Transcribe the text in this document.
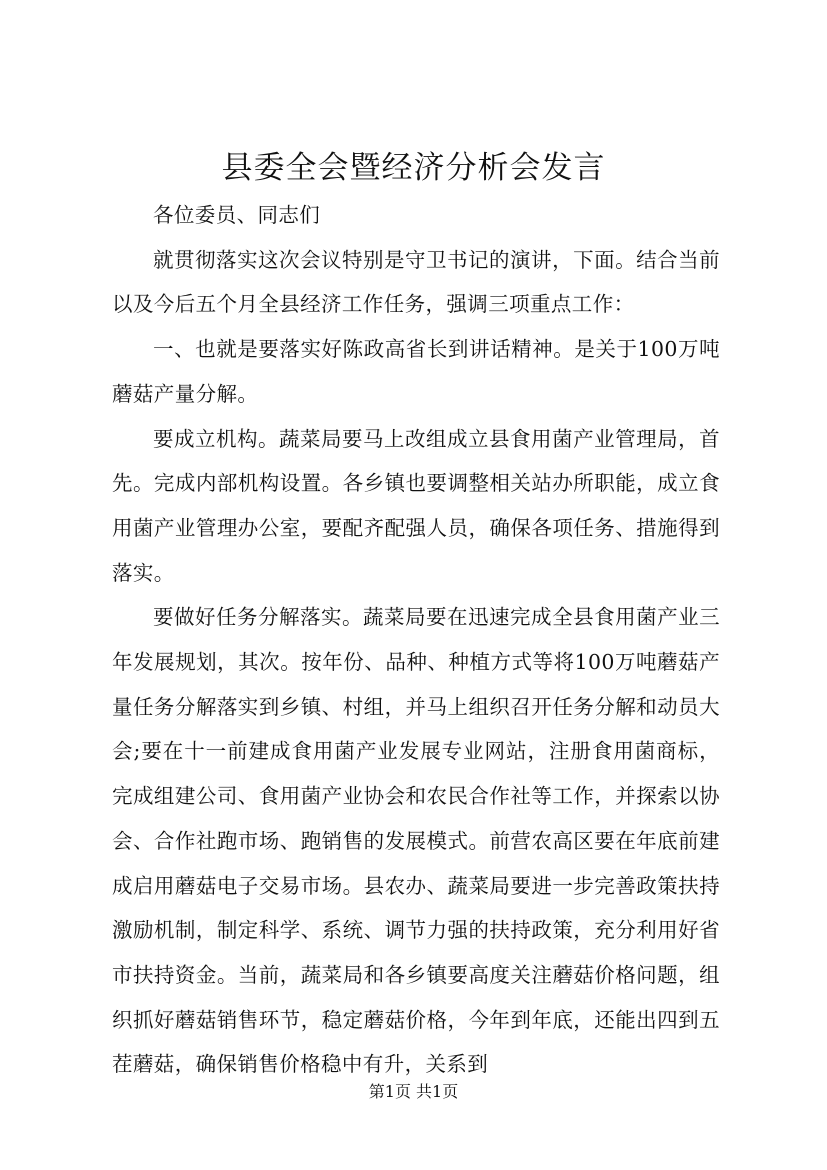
县委全会暨经济分析会发言

各位委员、同志们

就贯彻落实这次会议特别是守卫书记的演讲，下面。结合当前以及今后五个月全县经济工作任务，强调三项重点工作：

一、也就是要落实好陈政高省长到讲话精神。是关于100万吨蘑菇产量分解。

要成立机构。蔬菜局要马上改组成立县食用菌产业管理局，首先。完成内部机构设置。各乡镇也要调整相关站办所职能，成立食用菌产业管理办公室，要配齐配强人员，确保各项任务、措施得到落实。

要做好任务分解落实。蔬菜局要在迅速完成全县食用菌产业三年发展规划，其次。按年份、品种、种植方式等将100万吨蘑菇产量任务分解落实到乡镇、村组，并马上组织召开任务分解和动员大会;要在十一前建成食用菌产业发展专业网站，注册食用菌商标，完成组建公司、食用菌产业协会和农民合作社等工作，并探索以协会、合作社跑市场、跑销售的发展模式。前营农高区要在年底前建成启用蘑菇电子交易市场。县农办、蔬菜局要进一步完善政策扶持激励机制，制定科学、系统、调节力强的扶持政策，充分利用好省市扶持资金。当前，蔬菜局和各乡镇要高度关注蘑菇价格问题，组织抓好蘑菇销售环节，稳定蘑菇价格，今年到年底，还能出四到五茬蘑菇，确保销售价格稳中有升，关系到

第1页 共1页
